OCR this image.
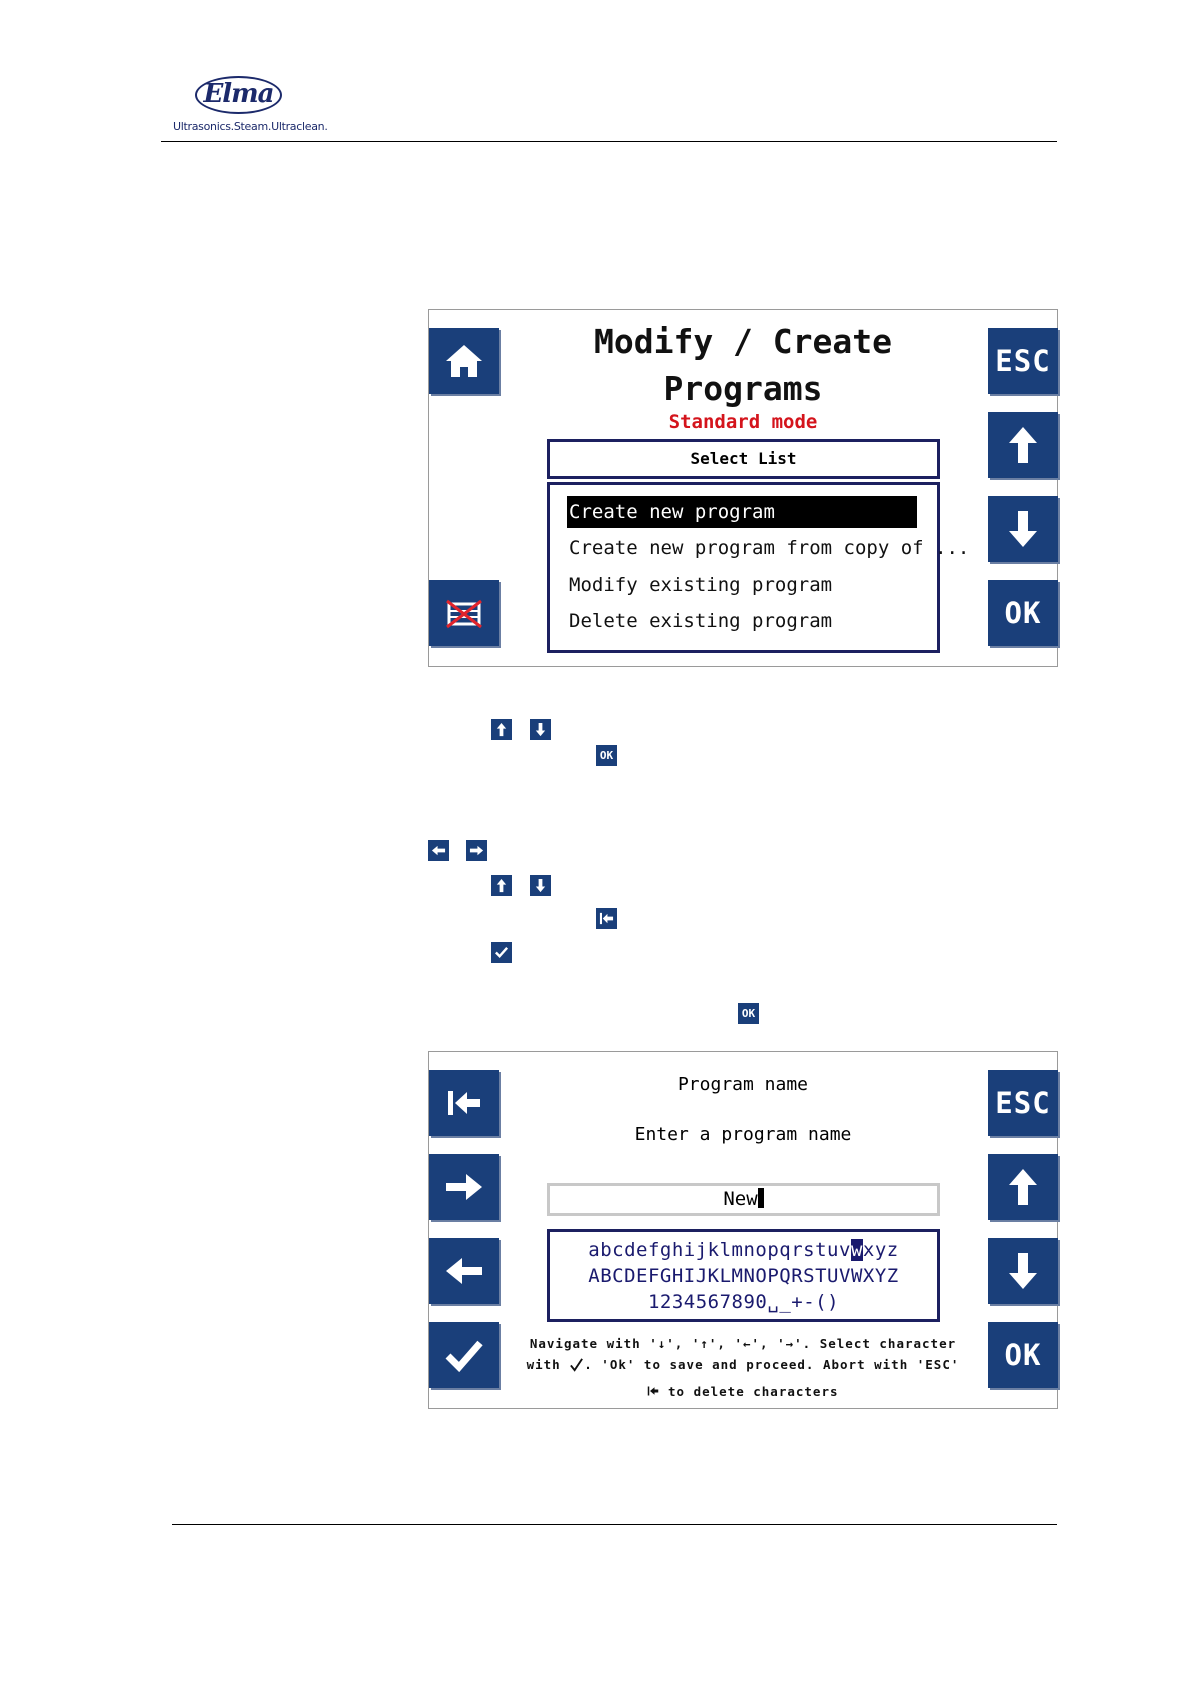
Elma
Ultrasonics.Steam.Ultraclean.
ESC
OK
Modify / Create
Programs
Standard mode
Select List
Create new program
Create new program from copy of ...
Modify existing program
Delete existing program
OK
OK
ESC
OK
Program name
Enter a program name
New
abcdefghijklmnopqrstuvwxyz
ABCDEFGHIJKLMNOPQRSTUVWXYZ
1234567890␣_+-()
Navigate with '↓', '↑', '←', '→'. Select character
with . 'Ok' to save and proceed. Abort with 'ESC'
to delete characters
